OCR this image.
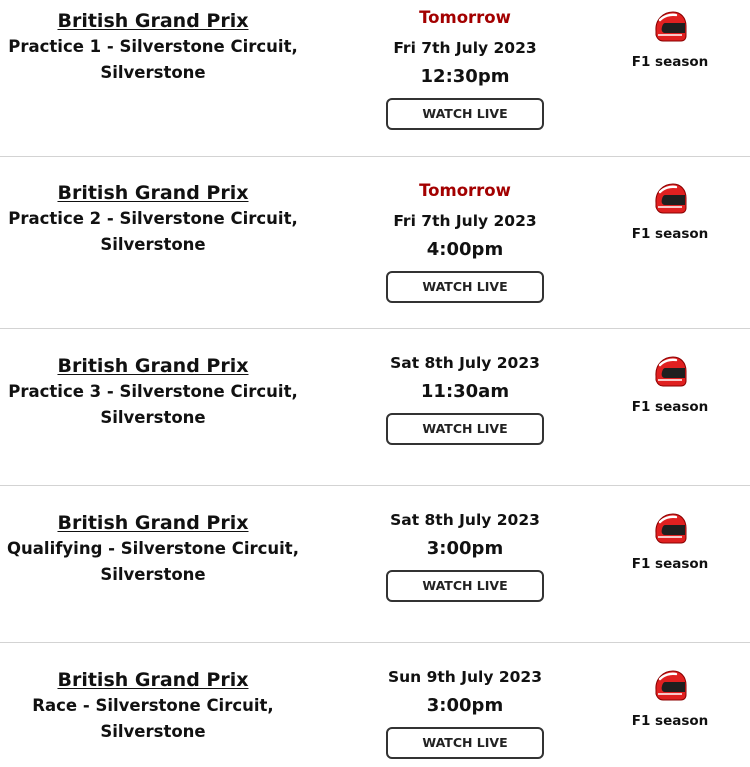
British Grand Prix
Practice 1 - Silverstone Circuit,
Silverstone
Tomorrow
Fri 7th July 2023
12:30pm
WATCH LIVE
F1 season
British Grand Prix
Practice 2 - Silverstone Circuit,
Silverstone
Tomorrow
Fri 7th July 2023
4:00pm
WATCH LIVE
F1 season
British Grand Prix
Practice 3 - Silverstone Circuit,
Silverstone
Sat 8th July 2023
11:30am
WATCH LIVE
F1 season
British Grand Prix
Qualifying - Silverstone Circuit,
Silverstone
Sat 8th July 2023
3:00pm
WATCH LIVE
F1 season
British Grand Prix
Race - Silverstone Circuit,
Silverstone
Sun 9th July 2023
3:00pm
WATCH LIVE
F1 season
